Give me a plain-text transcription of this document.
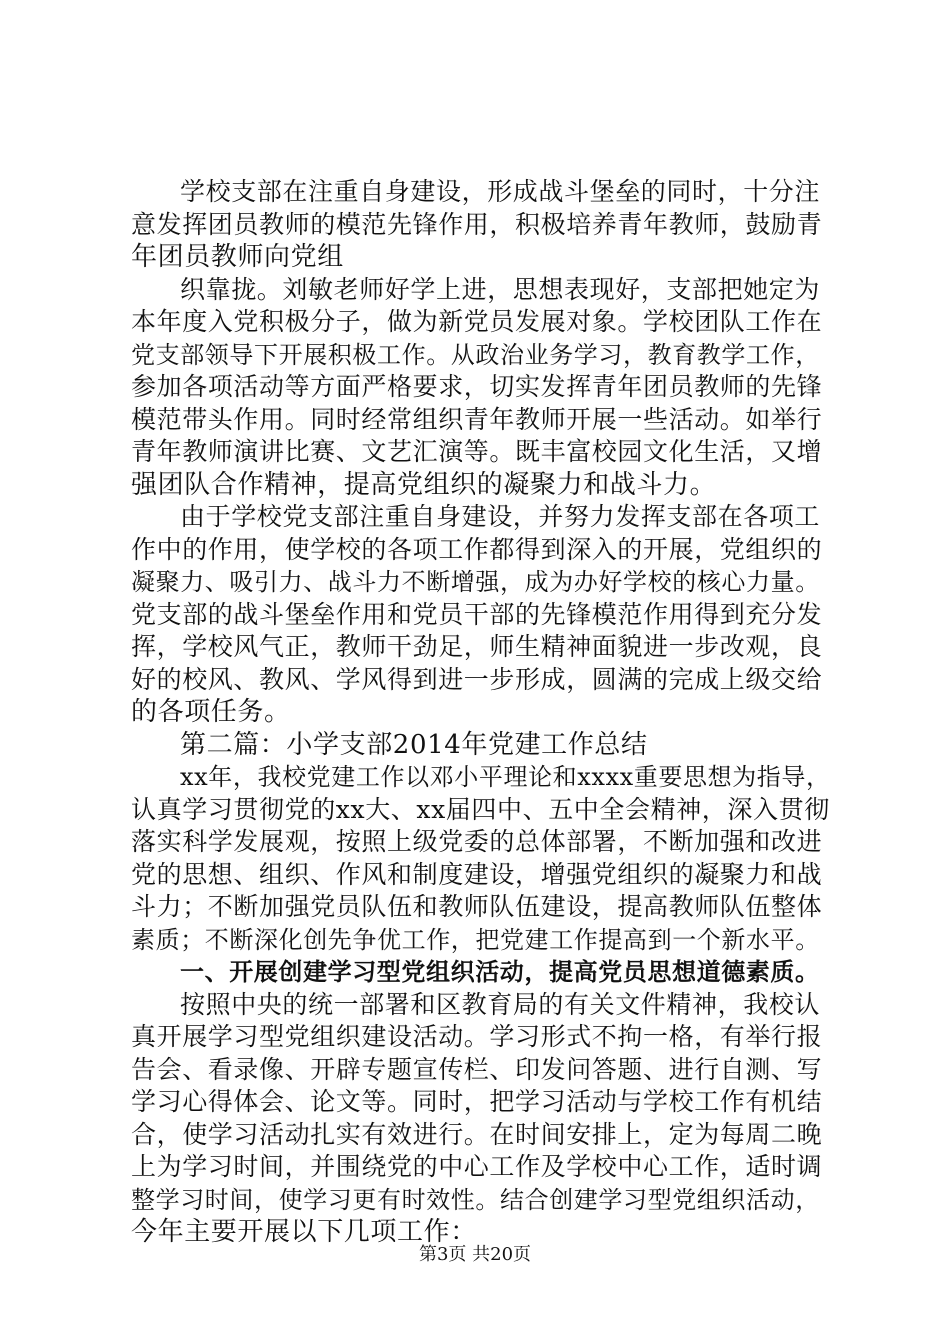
学校支部在注重自身建设，形成战斗堡垒的同时，十分注
意发挥团员教师的模范先锋作用，积极培养青年教师，鼓励青
年团员教师向党组
织靠拢。刘敏老师好学上进，思想表现好，支部把她定为
本年度入党积极分子，做为新党员发展对象。学校团队工作在
党支部领导下开展积极工作。从政治业务学习，教育教学工作，
参加各项活动等方面严格要求，切实发挥青年团员教师的先锋
模范带头作用。同时经常组织青年教师开展一些活动。如举行
青年教师演讲比赛、文艺汇演等。既丰富校园文化生活，又增
强团队合作精神，提高党组织的凝聚力和战斗力。
由于学校党支部注重自身建设，并努力发挥支部在各项工
作中的作用，使学校的各项工作都得到深入的开展，党组织的
凝聚力、吸引力、战斗力不断增强，成为办好学校的核心力量。
党支部的战斗堡垒作用和党员干部的先锋模范作用得到充分发
挥，学校风气正，教师干劲足，师生精神面貌进一步改观，良
好的校风、教风、学风得到进一步形成，圆满的完成上级交给
的各项任务。
第二篇：小学支部2014年党建工作总结
xx年，我校党建工作以邓小平理论和xxxx重要思想为指导，
认真学习贯彻党的xx大、xx届四中、五中全会精神，深入贯彻
落实科学发展观，按照上级党委的总体部署，不断加强和改进
党的思想、组织、作风和制度建设，增强党组织的凝聚力和战
斗力；不断加强党员队伍和教师队伍建设，提高教师队伍整体
素质；不断深化创先争优工作，把党建工作提高到一个新水平。
一、开展创建学习型党组织活动，提高党员思想道德素质。
按照中央的统一部署和区教育局的有关文件精神，我校认
真开展学习型党组织建设活动。学习形式不拘一格，有举行报
告会、看录像、开辟专题宣传栏、印发问答题、进行自测、写
学习心得体会、论文等。同时，把学习活动与学校工作有机结
合，使学习活动扎实有效进行。在时间安排上，定为每周二晚
上为学习时间，并围绕党的中心工作及学校中心工作，适时调
整学习时间，使学习更有时效性。结合创建学习型党组织活动，
今年主要开展以下几项工作：
第3页 共20页
